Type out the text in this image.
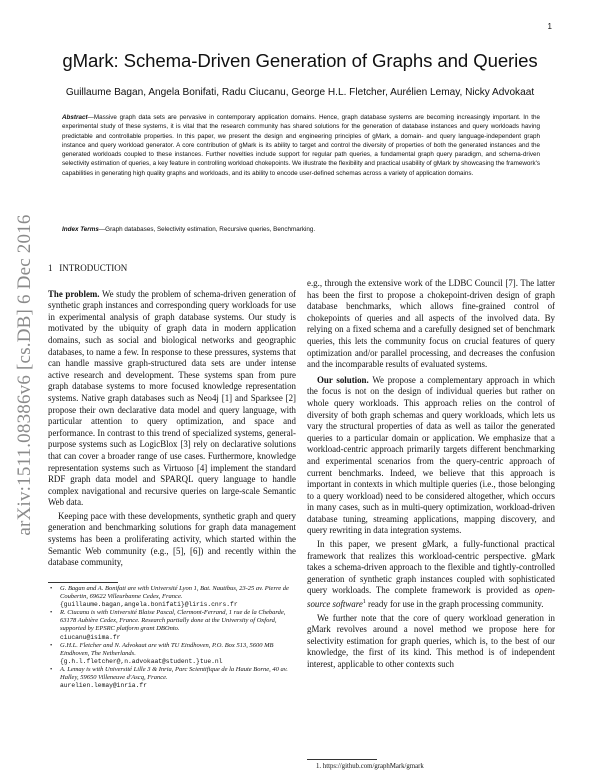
1
arXiv:1511.08386v6 [cs.DB] 6 Dec 2016
gMark: Schema-Driven Generation of Graphs and Queries
Guillaume Bagan, Angela Bonifati, Radu Ciucanu, George H.L. Fletcher, Aurélien Lemay, Nicky Advokaat
Abstract—Massive graph data sets are pervasive in contemporary application domains. Hence, graph database systems are becoming increasingly important. In the experimental study of these systems, it is vital that the research community has shared solutions for the generation of database instances and query workloads having predictable and controllable properties. In this paper, we present the design and engineering principles of gMark, a domain- and query language-independent graph instance and query workload generator. A core contribution of gMark is its ability to target and control the diversity of properties of both the generated instances and the generated workloads coupled to these instances. Further novelties include support for regular path queries, a fundamental graph query paradigm, and schema-driven selectivity estimation of queries, a key feature in controlling workload chokepoints. We illustrate the flexibility and practical usability of gMark by showcasing the framework's capabilities in generating high quality graphs and workloads, and its ability to encode user-defined schemas across a variety of application domains.
Index Terms—Graph databases, Selectivity estimation, Recursive queries, Benchmarking.
1 INTRODUCTION

The problem. We study the problem of schema-driven generation of synthetic graph instances and corresponding query workloads for use in experimental analysis of graph database systems. Our study is motivated by the ubiquity of graph data in modern application domains, such as social and biological networks and geographic databases, to name a few. In response to these pressures, systems that can handle massive graph-structured data sets are under intense active research and development. These systems span from pure graph database systems to more focused knowledge representation systems. Native graph databases such as Neo4j [1] and Sparksee [2] propose their own declarative data model and query language, with particular attention to query optimization, and space and performance. In contrast to this trend of specialized systems, general-purpose systems such as LogicBlox [3] rely on declarative solutions that can cover a broader range of use cases. Furthermore, knowledge representation systems such as Virtuoso [4] implement the standard RDF graph data model and SPARQL query language to handle complex navigational and recursive queries on large-scale Semantic Web data.

Keeping pace with these developments, synthetic graph and query generation and benchmarking solutions for graph data management systems has been a proliferating activity, which started within the Semantic Web community (e.g., [5], [6]) and recently within the database community,

• G. Bagan and A. Bonifati are with Université Lyon 1, Bat. Nautibus, 23-25 av. Pierre de Coubertin, 69622 Villeurbanne Cedex, France.
{guillaume.bagan,angela.bonifati}@liris.cnrs.fr
• R. Ciucanu is with Université Blaise Pascal, Clermont-Ferrand, 1 rue de la Chebarde, 63178 Aubière Cedex, France. Research partially done at the University of Oxford, supported by EPSRC platform grant DBOnto.
ciucanu@isima.fr
• G.H.L. Fletcher and N. Advokaat are with TU Eindhoven, P.O. Box 513, 5600 MB Eindhoven, The Netherlands.
{g.h.l.fletcher@,n.advokaat@student.}tue.nl
• A. Lemay is with Université Lille 3 & Inria, Parc Scientifique de la Haute Borne, 40 av. Halley, 59650 Villeneuve d'Ascq, France.
aurelien.lemay@inria.fr

e.g., through the extensive work of the LDBC Council [7]. The latter has been the first to propose a chokepoint-driven design of graph database benchmarks, which allows fine-grained control of chokepoints of queries and all aspects of the involved data. By relying on a fixed schema and a carefully designed set of benchmark queries, this lets the community focus on crucial features of query optimization and/or parallel processing, and decreases the confusion and the incomparable results of evaluated systems.

Our solution. We propose a complementary approach in which the focus is not on the design of individual queries but rather on whole query workloads. This approach relies on the control of diversity of both graph schemas and query workloads, which lets us vary the structural properties of data as well as tailor the generated queries to a particular domain or application. We emphasize that a workload-centric approach primarily targets different benchmarking and experimental scenarios from the query-centric approach of current benchmarks. Indeed, we believe that this approach is important in contexts in which multiple queries (i.e., those belonging to a query workload) need to be considered altogether, which occurs in many cases, such as in multi-query optimization, workload-driven database tuning, streaming applications, mapping discovery, and query rewriting in data integration systems.

In this paper, we present gMark, a fully-functional practical framework that realizes this workload-centric perspective. gMark takes a schema-driven approach to the flexible and tightly-controlled generation of synthetic graph instances coupled with sophisticated query workloads. The complete framework is provided as open-source software$^1$ ready for use in the graph processing community.

We further note that the core of query workload generation in gMark revolves around a novel method we propose here for selectivity estimation for graph queries, which is, to the best of our knowledge, the first of its kind. This method is of independent interest, applicable to other contexts such

1. https://github.com/graphMark/gmark
